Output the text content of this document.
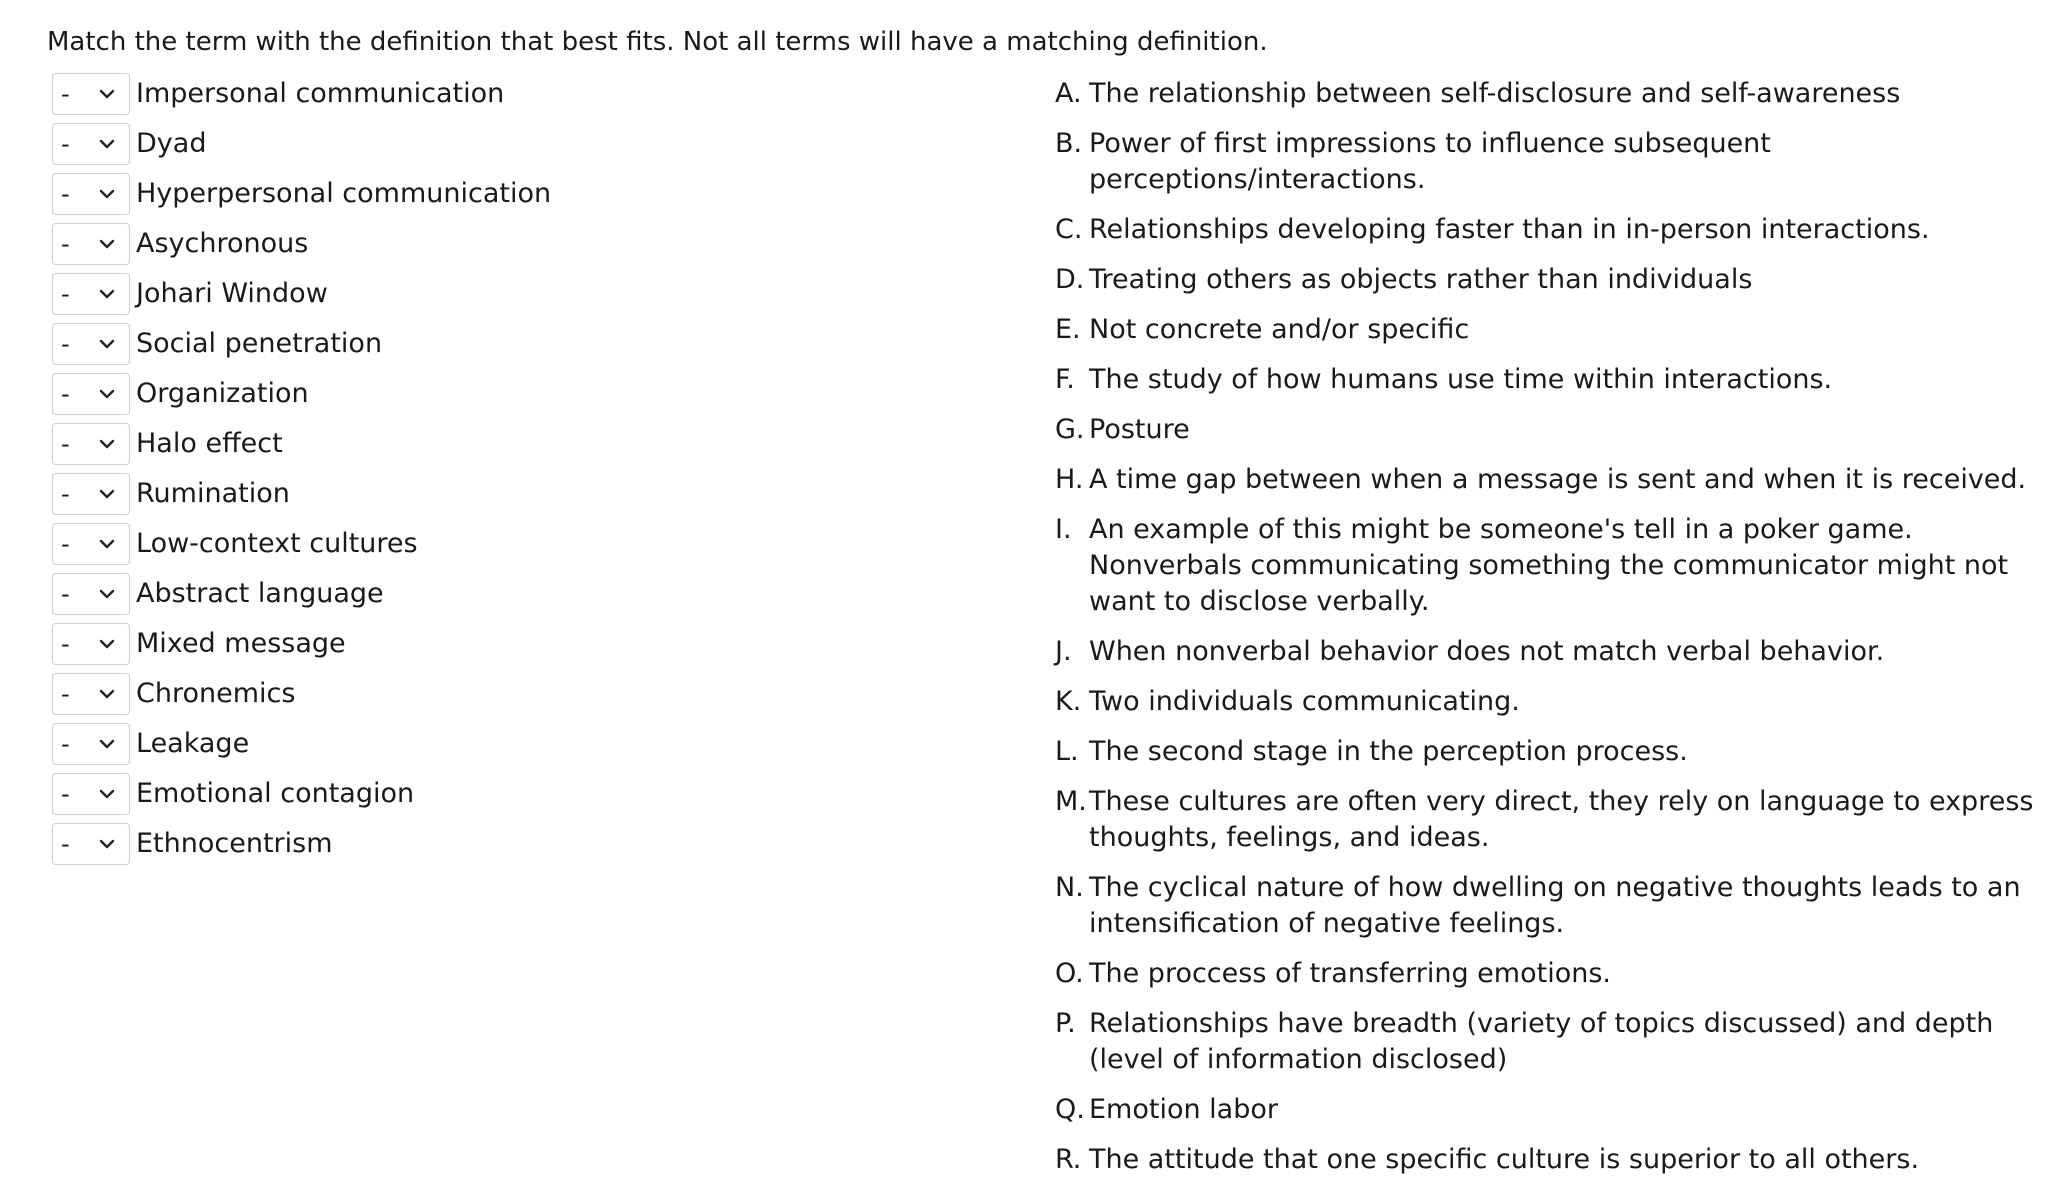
Match the term with the definition that best fits. Not all terms will have a matching definition.
- Impersonal communication
- Dyad
- Hyperpersonal communication
- Asychronous
- Johari Window
- Social penetration
- Organization
- Halo effect
- Rumination
- Low-context cultures
- Abstract language
- Mixed message
- Chronemics
- Leakage
- Emotional contagion
- Ethnocentrism
A. The relationship between self-disclosure and self-awareness
B. Power of first impressions to influence subsequent perceptions/interactions.
C. Relationships developing faster than in in-person interactions.
D. Treating others as objects rather than individuals
E. Not concrete and/or specific
F. The study of how humans use time within interactions.
G. Posture
H. A time gap between when a message is sent and when it is received.
I. An example of this might be someone's tell in a poker game. Nonverbals communicating something the communicator might not want to disclose verbally.
J. When nonverbal behavior does not match verbal behavior.
K. Two individuals communicating.
L. The second stage in the perception process.
M. These cultures are often very direct, they rely on language to express thoughts, feelings, and ideas.
N. The cyclical nature of how dwelling on negative thoughts leads to an intensification of negative feelings.
O. The proccess of transferring emotions.
P. Relationships have breadth (variety of topics discussed) and depth (level of information disclosed)
Q. Emotion labor
R. The attitude that one specific culture is superior to all others.
